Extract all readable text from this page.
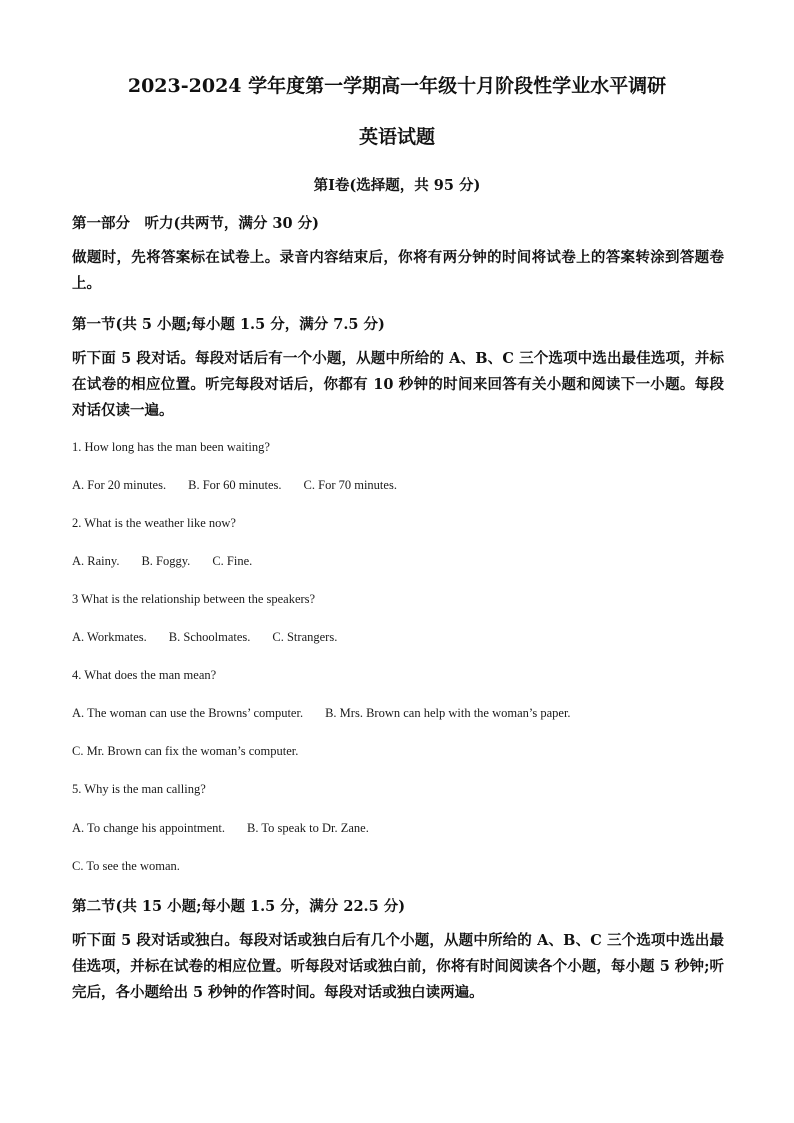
2023-2024 学年度第一学期高一年级十月阶段性学业水平调研
英语试题
第Ⅰ卷(选择题，共 95 分)
第一部分　听力(共两节，满分 30 分)
做题时，先将答案标在试卷上。录音内容结束后，你将有两分钟的时间将试卷上的答案转涂到答题卷上。
第一节(共 5 小题;每小题 1.5 分，满分 7.5 分)
听下面 5 段对话。每段对话后有一个小题，从题中所给的 A、B、C 三个选项中选出最佳选项，并标在试卷的相应位置。听完每段对话后，你都有 10 秒钟的时间来回答有关小题和阅读下一小题。每段对话仅读一遍。
1. How long has the man been waiting?
A. For 20 minutes. B. For 60 minutes. C. For 70 minutes.
2. What is the weather like now?
A. Rainy. B. Foggy. C. Fine.
3 What is the relationship between the speakers?
A. Workmates. B. Schoolmates. C. Strangers.
4. What does the man mean?
A. The woman can use the Browns’ computer. B. Mrs. Brown can help with the woman’s paper.
C. Mr. Brown can fix the woman’s computer.
5. Why is the man calling?
A. To change his appointment. B. To speak to Dr. Zane.
C. To see the woman.
第二节(共 15 小题;每小题 1.5 分，满分 22.5 分)
听下面 5 段对话或独白。每段对话或独白后有几个小题，从题中所给的 A、B、C 三个选项中选出最佳选项，并标在试卷的相应位置。听每段对话或独白前，你将有时间阅读各个小题，每小题 5 秒钟;听完后，各小题给出 5 秒钟的作答时间。每段对话或独白读两遍。
